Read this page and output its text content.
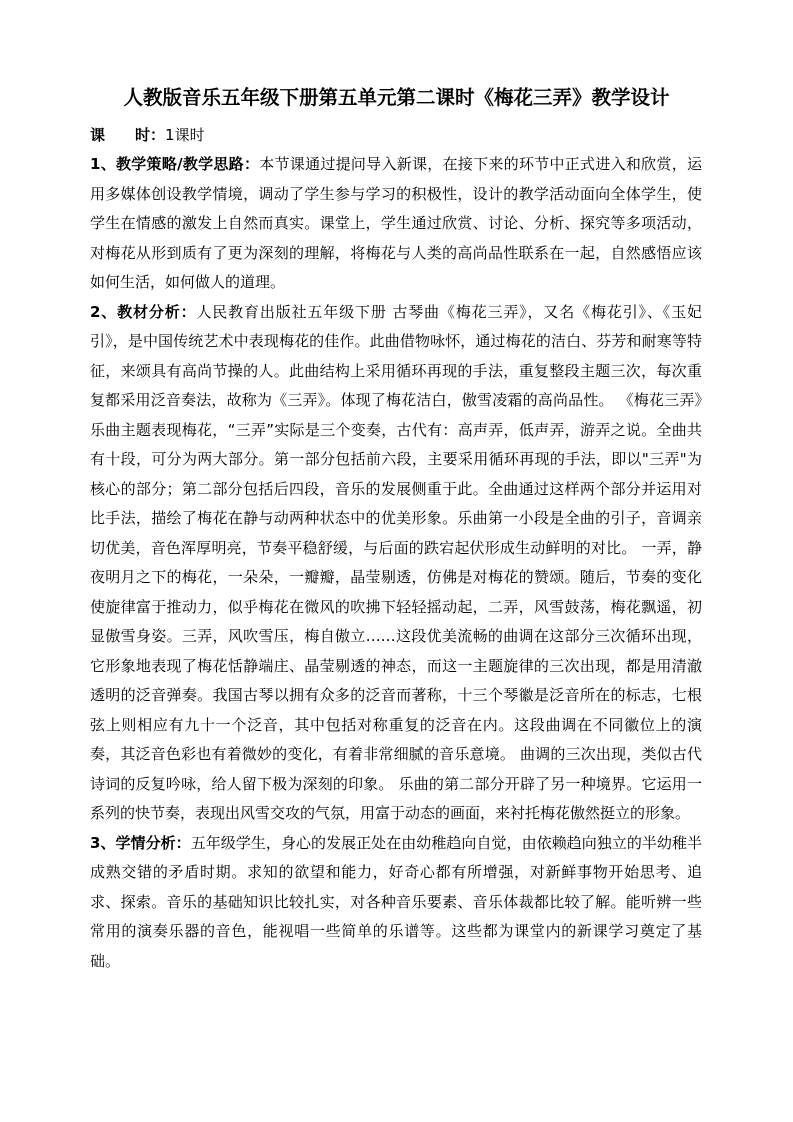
人教版音乐五年级下册第五单元第二课时《梅花三弄》教学设计
课 时：1课时

1、教学策略/教学思路：本节课通过提问导入新课，在接下来的环节中正式进入和欣赏，运用多媒体创设教学情境，调动了学生参与学习的积极性，设计的教学活动面向全体学生，使学生在情感的激发上自然而真实。课堂上，学生通过欣赏、讨论、分析、探究等多项活动，对梅花从形到质有了更为深刻的理解，将梅花与人类的高尚品性联系在一起，自然感悟应该如何生活，如何做人的道理。

2、教材分析：人民教育出版社五年级下册 古琴曲《梅花三弄》，又名《梅花引》、《玉妃引》，是中国传统艺术中表现梅花的佳作。此曲借物咏怀，通过梅花的洁白、芬芳和耐寒等特征，来颂具有高尚节操的人。此曲结构上采用循环再现的手法，重复整段主题三次，每次重复都采用泛音奏法，故称为《三弄》。体现了梅花洁白，傲雪凌霜的高尚品性。 《梅花三弄》乐曲主题表现梅花，“三弄”实际是三个变奏，古代有：高声弄，低声弄，游弄之说。全曲共有十段，可分为两大部分。第一部分包括前六段，主要采用循环再现的手法，即以"三弄"为核心的部分；第二部分包括后四段，音乐的发展侧重于此。全曲通过这样两个部分并运用对比手法，描绘了梅花在静与动两种状态中的优美形象。乐曲第一小段是全曲的引子，音调亲切优美，音色浑厚明亮，节奏平稳舒缓，与后面的跌宕起伏形成生动鲜明的对比。 一弄，静夜明月之下的梅花，一朵朵，一瓣瓣，晶莹剔透，仿佛是对梅花的赞颂。随后，节奏的变化使旋律富于推动力，似乎梅花在微风的吹拂下轻轻摇动起，二弄，风雪鼓荡，梅花飘遥，初显傲雪身姿。三弄，风吹雪压，梅自傲立……这段优美流畅的曲调在这部分三次循环出现，它形象地表现了梅花恬静端庄、晶莹剔透的神态，而这一主题旋律的三次出现，都是用清澈透明的泛音弹奏。我国古琴以拥有众多的泛音而著称，十三个琴徽是泛音所在的标志，七根弦上则相应有九十一个泛音，其中包括对称重复的泛音在内。这段曲调在不同徽位上的演奏，其泛音色彩也有着微妙的变化，有着非常细腻的音乐意境。 曲调的三次出现，类似古代诗词的反复吟咏，给人留下极为深刻的印象。 乐曲的第二部分开辟了另一种境界。它运用一系列的快节奏，表现出风雪交攻的气氛，用富于动态的画面，来衬托梅花傲然挺立的形象。

3、学情分析：五年级学生，身心的发展正处在由幼稚趋向自觉，由依赖趋向独立的半幼稚半成熟交错的矛盾时期。求知的欲望和能力，好奇心都有所增强，对新鲜事物开始思考、追求、探索。音乐的基础知识比较扎实，对各种音乐要素、音乐体裁都比较了解。能听辨一些常用的演奏乐器的音色，能视唱一些简单的乐谱等。这些都为课堂内的新课学习奠定了基础。
